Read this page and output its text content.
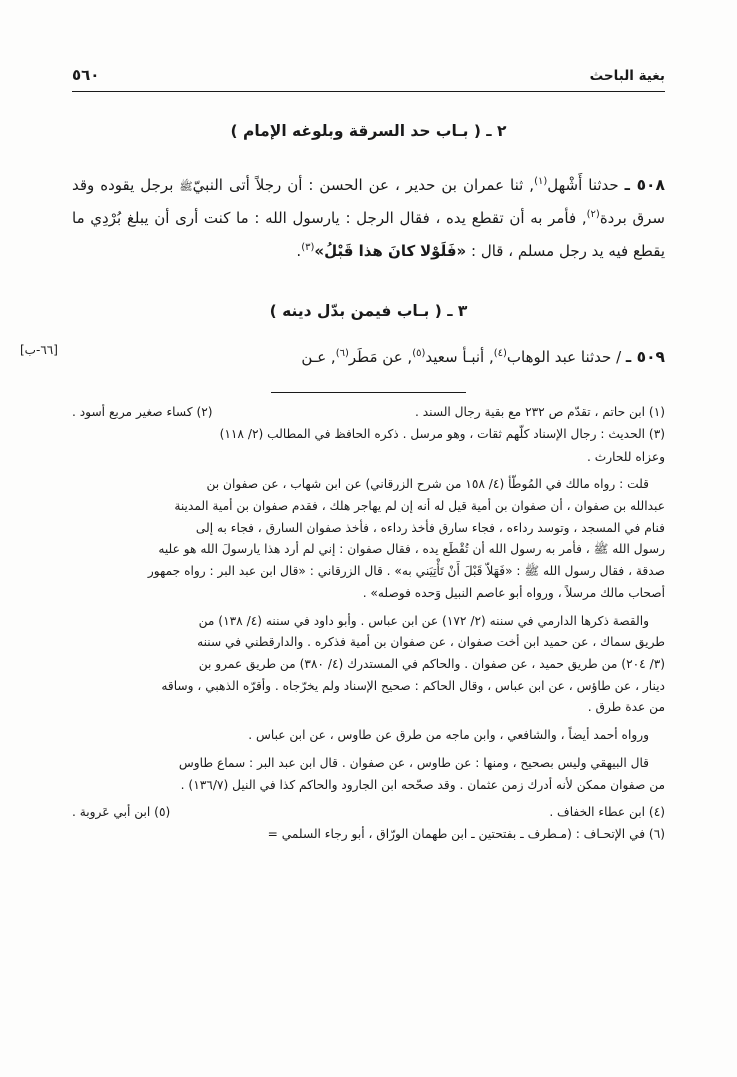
بغية الباحث
٥٦٠
٢ ـ ( بـاب حد السرقة وبلوغه الإمام )

٥٠٨ ـ حدثنا أَشْهل$^{(١)}$, ثنا عمران بن حدير ، عن الحسن : أن رجلاً أتى النبيّﷺ برجل يقوده وقد سرق بردة$^{(٢)}$, فأمر به أن تقطع يده ، فقال الرجل : يارسول الله : ما كنت أرى أن يبلغ بُرْدِي ما يقطع فيه يد رجل مسلم ، قال : «فَلَوْلا كانَ هذا قَبْلُ»$^{(٣)}$.

٣ ـ ( بـاب فيمن بدّل دينه )
[٦٦-ب]	٥٠٩ ـ / حدثنا عبد الوهاب$^{(٤)}$, أنبـأ سعيد$^{(٥)}$, عن مَطَر$^{(٦)}$, عـن

(١) ابن حاتم ، تقدّم ص ٢٣٢ مع بقية رجال السند .
(٢) كساء صغير مربع أسود .

(٣) الحديث : رجال الإسناد كلّهم ثقات ، وهو مرسل . ذكره الحافظ في المطالب (٢/ ١١٨)

وعزاه للحارث .

قلت : رواه مالك في المُوطّأ (٤/ ١٥٨ من شرح الزرقاني) عن ابن شهاب ، عن صفوان بن

عبدالله بن صفوان ، أن صفوان بن أمية قيل له أنه إن لم يهاجر هلك ، فقدم صفوان بن أمية المدينة

فنام في المسجد ، وتوسد رداءه ، فجاء سارق فأخذ رداءه ، فأخذ صفوان السارق ، فجاء به إلى

رسول الله ﷺ ، فأمر به رسول الله أن تُقْطَع يده ، فقال صفوان : إني لم أرد هذا يارسولَ الله هو عليه

صدقة ، فقال رسول الله ﷺ : «فَهَلاّ قَبْلَ أَنْ تَأْتِيَني به» . قال الزرقاني : «قال ابن عبد البر : رواه جمهور

أصحاب مالك مرسلاً ، ورواه أبو عاصم النبيل وَحده فوصله» .

والقصة ذكرها الدارمي في سننه (٢/ ١٧٢) عن ابن عباس . وأبو داود في سننه (٤/ ١٣٨) من

طريق سماك ، عن حميد ابن أخت صفوان ، عن صفوان بن أمية فذكره . والدارقطني في سننه

(٣/ ٢٠٤) من طريق حميد ، عن صفوان . والحاكم في المستدرك (٤/ ٣٨٠) من طريق عمرو بن

دينار ، عن طاؤس ، عن ابن عباس ، وقال الحاكم : صحيح الإسناد ولم يخرّجاه . وأقرّه الذهبي ، وساقه

من عدة طرق .

ورواه أحمد أيضاً ، والشافعي ، وابن ماجه من طرق عن طاوس ، عن ابن عباس .

قال البيهقي وليس بصحيح ، ومنها : عن طاوس ، عن صفوان . قال ابن عبد البر : سماع طاوس

من صفوان ممكن لأنه أدرك زمن عثمان . وقد صحّحه ابن الجارود والحاكم كذا في النيل (١٣٦/٧) .

(٤) ابن عطاء الخفاف .
(٥) ابن أبي عَروبة .

(٦) في الإتحـاف : (مـطرف ـ بفتحتين ـ ابن طهمان الورّاق ، أبو رجاء السلمي =
